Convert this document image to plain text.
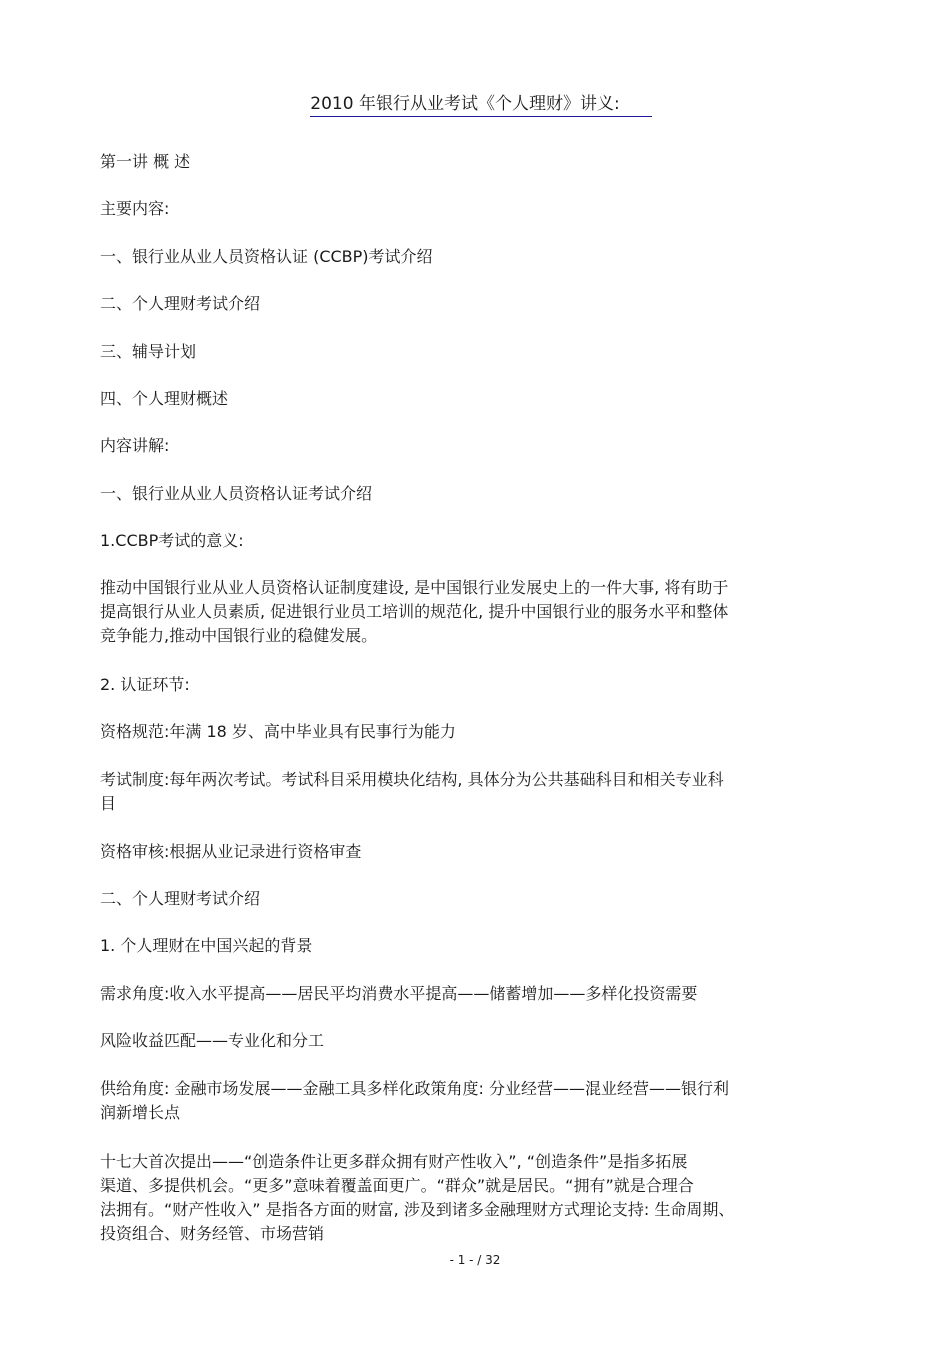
2010 年银行从业考试《个人理财》讲义:
第一讲 概 述
主要内容:
一、银行业从业人员资格认证 (CCBP)考试介绍
二、个人理财考试介绍
三、辅导计划
四、个人理财概述
内容讲解:
一、银行业从业人员资格认证考试介绍
1.CCBP考试的意义:
推动中国银行业从业人员资格认证制度建设, 是中国银行业发展史上的一件大事, 将有助于
提高银行从业人员素质, 促进银行业员工培训的规范化, 提升中国银行业的服务水平和整体
竞争能力,推动中国银行业的稳健发展。
2. 认证环节:
资格规范:年满 18 岁、高中毕业具有民事行为能力
考试制度:每年两次考试。考试科目采用模块化结构, 具体分为公共基础科目和相关专业科
目
资格审核:根据从业记录进行资格审查
二、个人理财考试介绍
1. 个人理财在中国兴起的背景
需求角度:收入水平提高——居民平均消费水平提高——储蓄增加——多样化投资需要
风险收益匹配——专业化和分工
供给角度: 金融市场发展——金融工具多样化政策角度: 分业经营——混业经营——银行利
润新增长点
十七大首次提出——“创造条件让更多群众拥有财产性收入”, “创造条件”是指多拓展
渠道、多提供机会。“更多”意味着覆盖面更广。“群众”就是居民。“拥有”就是合理合
法拥有。“财产性收入” 是指各方面的财富, 涉及到诸多金融理财方式理论支持: 生命周期、
投资组合、财务经管、市场营销
- 1 - / 32
